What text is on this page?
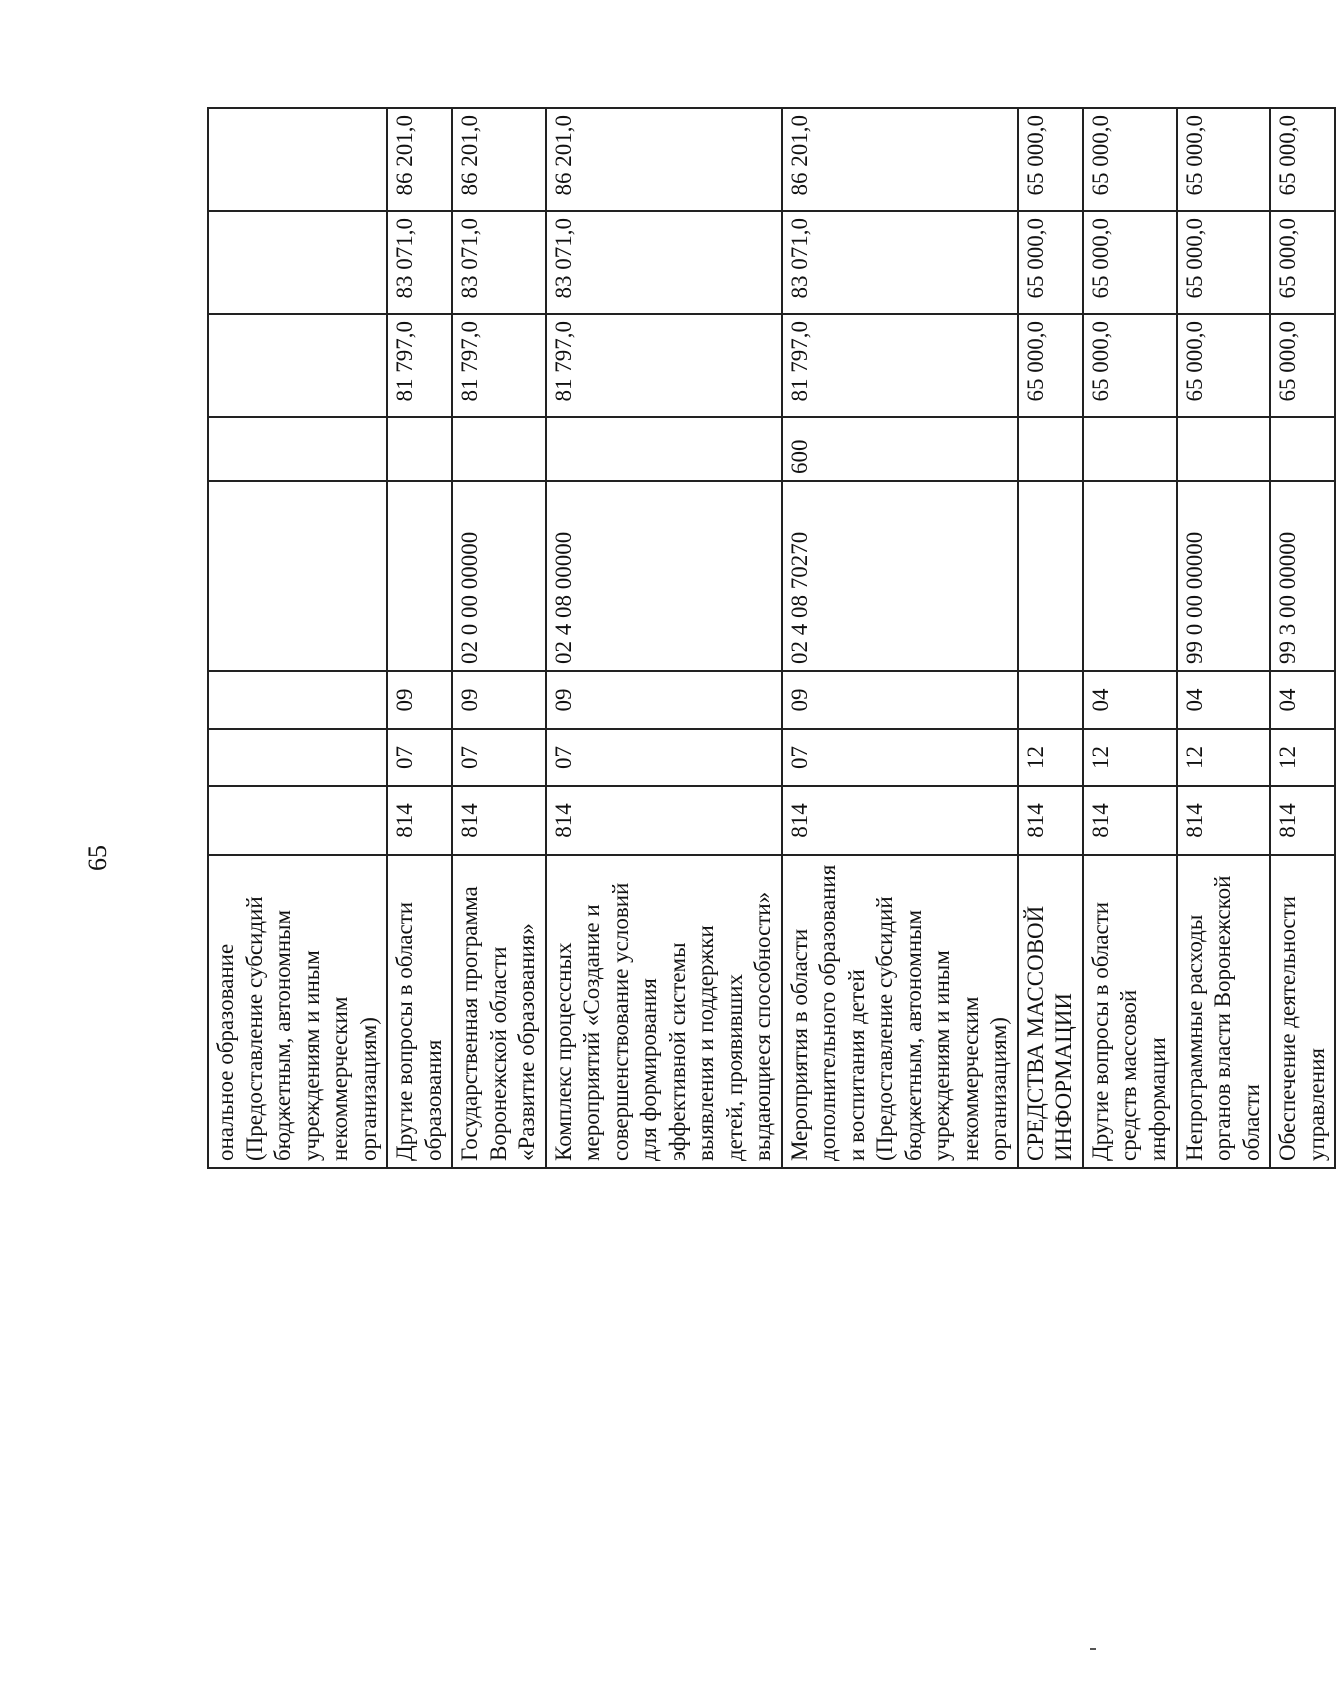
65
ональное образование (Предоставление субсидий бюджетным, автономным учреждениям и иным некоммерческим организациям)								
Другие вопросы в области образования	814	07	09			81 797,0	83 071,0	86 201,0
Государственная программа Воронежской области «Развитие образования»	814	07	09	02 0 00 00000		81 797,0	83 071,0	86 201,0
Комплекс процессных мероприятий «Создание и совершенствование условий для формирования эффективной системы выявления и поддержки детей, проявивших выдающиеся способности»	814	07	09	02 4 08 00000		81 797,0	83 071,0	86 201,0
Мероприятия в области дополнительного образования и воспитания детей (Предоставление субсидий бюджетным, автономным учреждениям и иным некоммерческим организациям)	814	07	09	02 4 08 70270	600	81 797,0	83 071,0	86 201,0
СРЕДСТВА МАССОВОЙ ИНФОРМАЦИИ	814	12				65 000,0	65 000,0	65 000,0
Другие вопросы в области средств массовой информации	814	12	04			65 000,0	65 000,0	65 000,0
Непрограммные расходы органов власти Воронежской области	814	12	04	99 0 00 00000		65 000,0	65 000,0	65 000,0
Обеспечение деятельности управления	814	12	04	99 3 00 00000		65 000,0	65 000,0	65 000,0
